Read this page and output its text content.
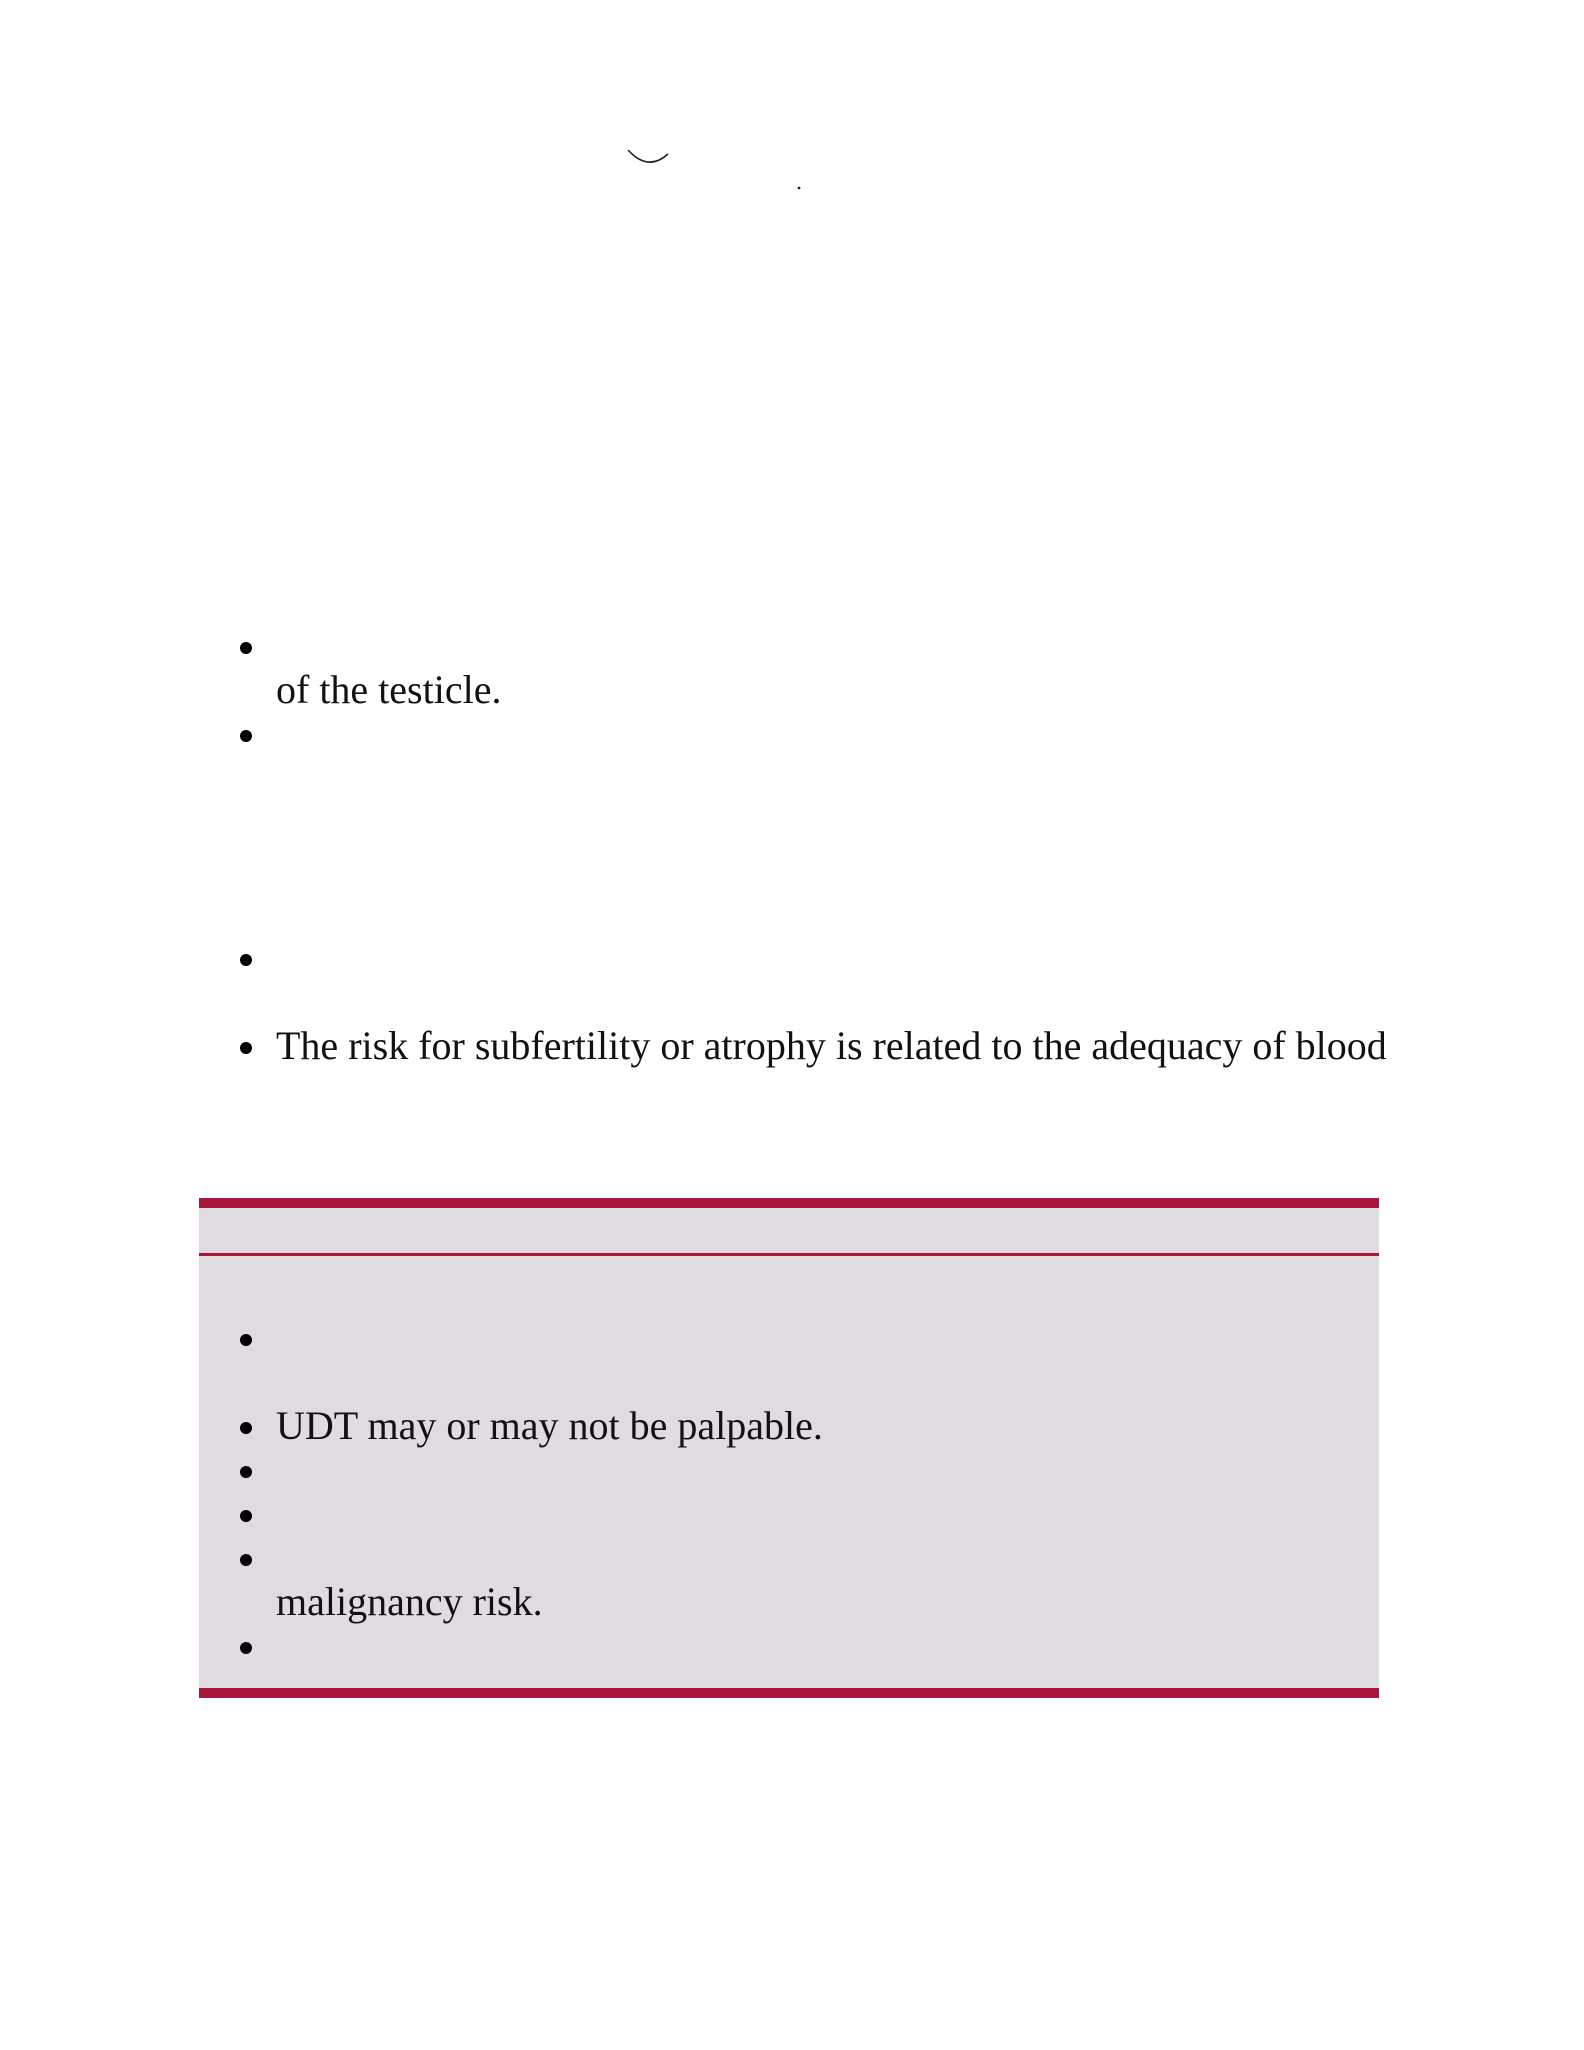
of the testicle.
The risk for subfertility or atrophy is related to the adequacy of blood
UDT may or may not be palpable.
malignancy risk.
